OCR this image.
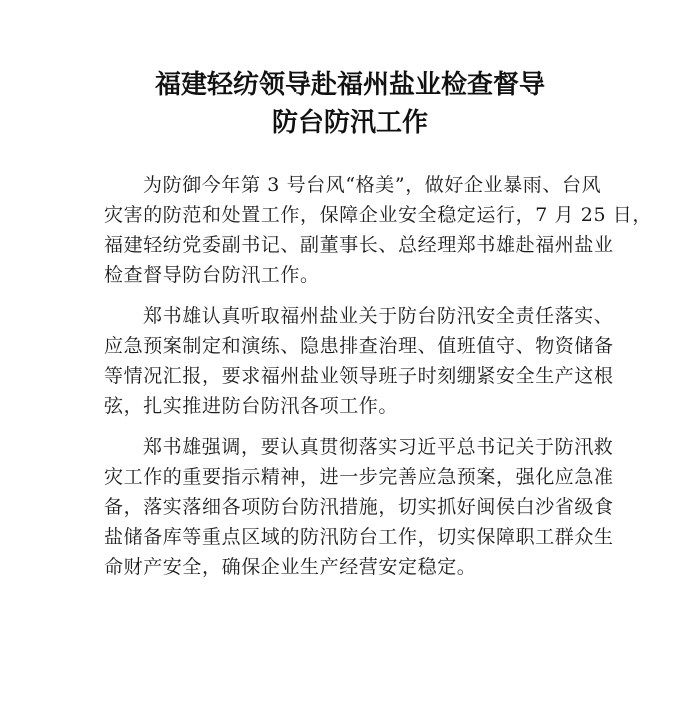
福建轻纺领导赴福州盐业检查督导
防台防汛工作

为防御今年第 3 号台风“格美”，做好企业暴雨、台风
灾害的防范和处置工作，保障企业安全稳定运行，7 月 25 日，
福建轻纺党委副书记、副董事长、总经理郑书雄赴福州盐业
检查督导防台防汛工作。

郑书雄认真听取福州盐业关于防台防汛安全责任落实、
应急预案制定和演练、隐患排查治理、值班值守、物资储备
等情况汇报，要求福州盐业领导班子时刻绷紧安全生产这根
弦，扎实推进防台防汛各项工作。

郑书雄强调，要认真贯彻落实习近平总书记关于防汛救
灾工作的重要指示精神，进一步完善应急预案，强化应急准
备，落实落细各项防台防汛措施，切实抓好闽侯白沙省级食
盐储备库等重点区域的防汛防台工作，切实保障职工群众生
命财产安全，确保企业生产经营安定稳定。
